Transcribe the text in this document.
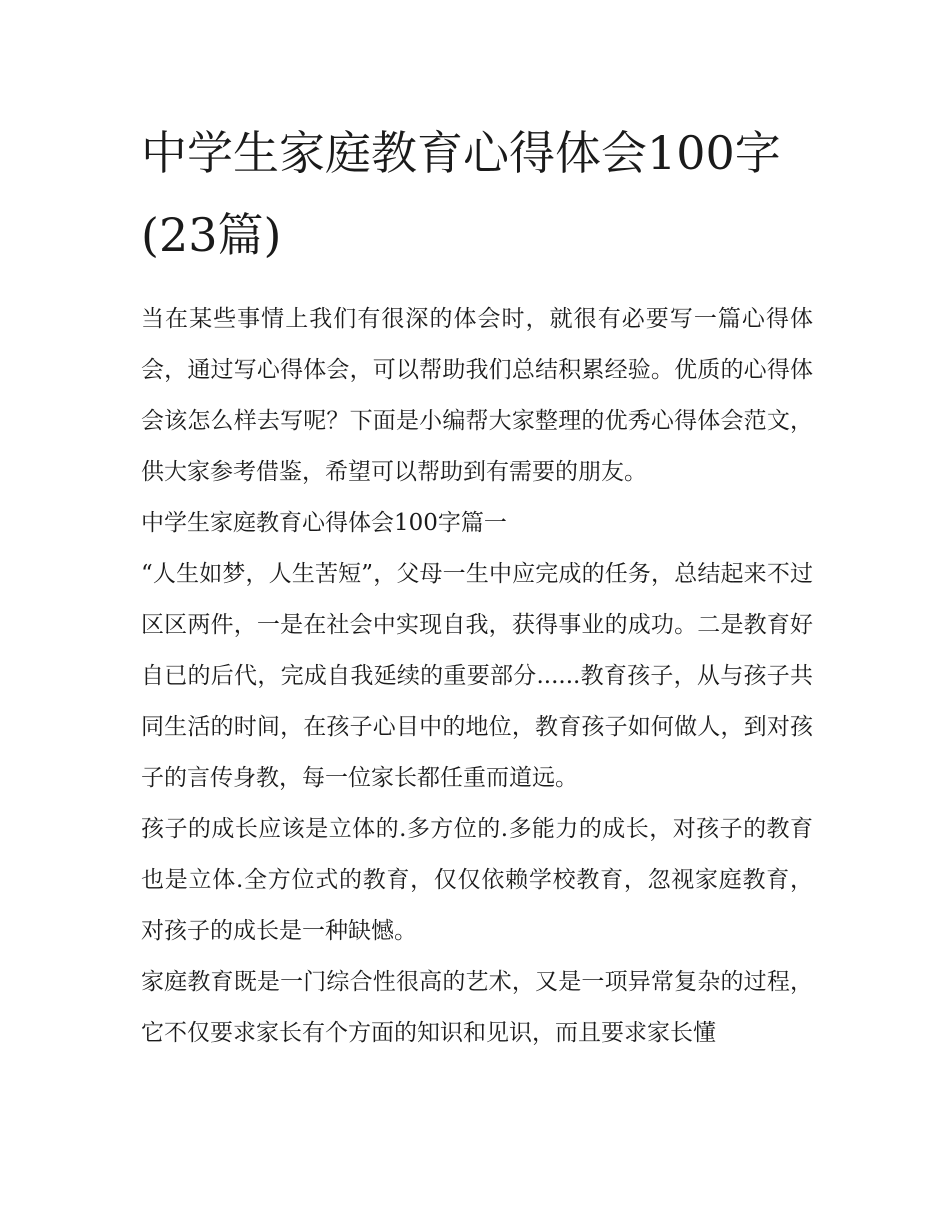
中学生家庭教育心得体会100字(23篇)

当在某些事情上我们有很深的体会时，就很有必要写一篇心得体会，通过写心得体会，可以帮助我们总结积累经验。优质的心得体会该怎么样去写呢？下面是小编帮大家整理的优秀心得体会范文，供大家参考借鉴，希望可以帮助到有需要的朋友。

中学生家庭教育心得体会100字篇一

“人生如梦，人生苦短”，父母一生中应完成的任务，总结起来不过区区两件，一是在社会中实现自我，获得事业的成功。二是教育好自已的后代，完成自我延续的重要部分......教育孩子，从与孩子共同生活的时间，在孩子心目中的地位，教育孩子如何做人，到对孩子的言传身教，每一位家长都任重而道远。

孩子的成长应该是立体的.多方位的.多能力的成长，对孩子的教育也是立体.全方位式的教育，仅仅依赖学校教育，忽视家庭教育，对孩子的成长是一种缺憾。

家庭教育既是一门综合性很高的艺术，又是一项异常复杂的过程，它不仅要求家长有个方面的知识和见识，而且要求家长懂
